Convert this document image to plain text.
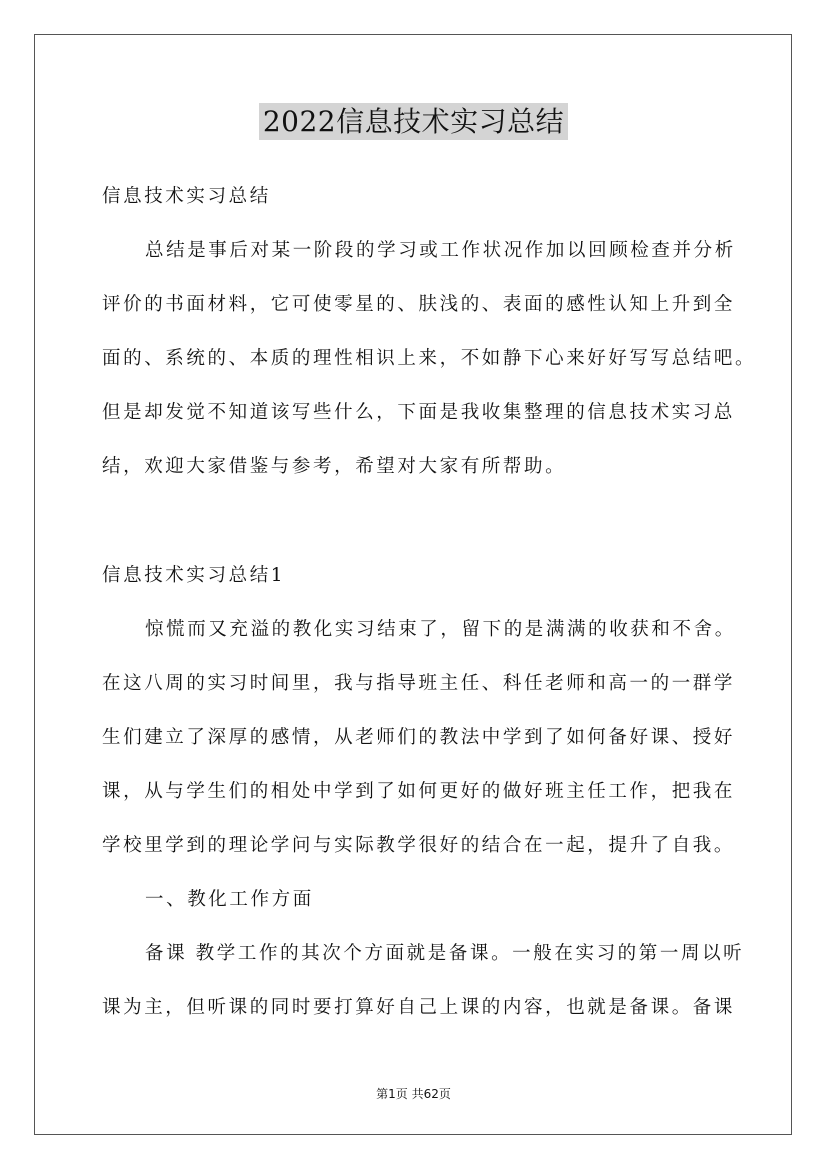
2022信息技术实习总结
信息技术实习总结
总结是事后对某一阶段的学习或工作状况作加以回顾检查并分析
评价的书面材料，它可使零星的、肤浅的、表面的感性认知上升到全
面的、系统的、本质的理性相识上来，不如静下心来好好写写总结吧。
但是却发觉不知道该写些什么，下面是我收集整理的信息技术实习总
结，欢迎大家借鉴与参考，希望对大家有所帮助。
信息技术实习总结1
惊慌而又充溢的教化实习结束了，留下的是满满的收获和不舍。
在这八周的实习时间里，我与指导班主任、科任老师和高一的一群学
生们建立了深厚的感情，从老师们的教法中学到了如何备好课、授好
课，从与学生们的相处中学到了如何更好的做好班主任工作，把我在
学校里学到的理论学问与实际教学很好的结合在一起，提升了自我。
一、教化工作方面
备课 教学工作的其次个方面就是备课。一般在实习的第一周以听
课为主，但听课的同时要打算好自己上课的内容，也就是备课。备课
第1页 共62页
